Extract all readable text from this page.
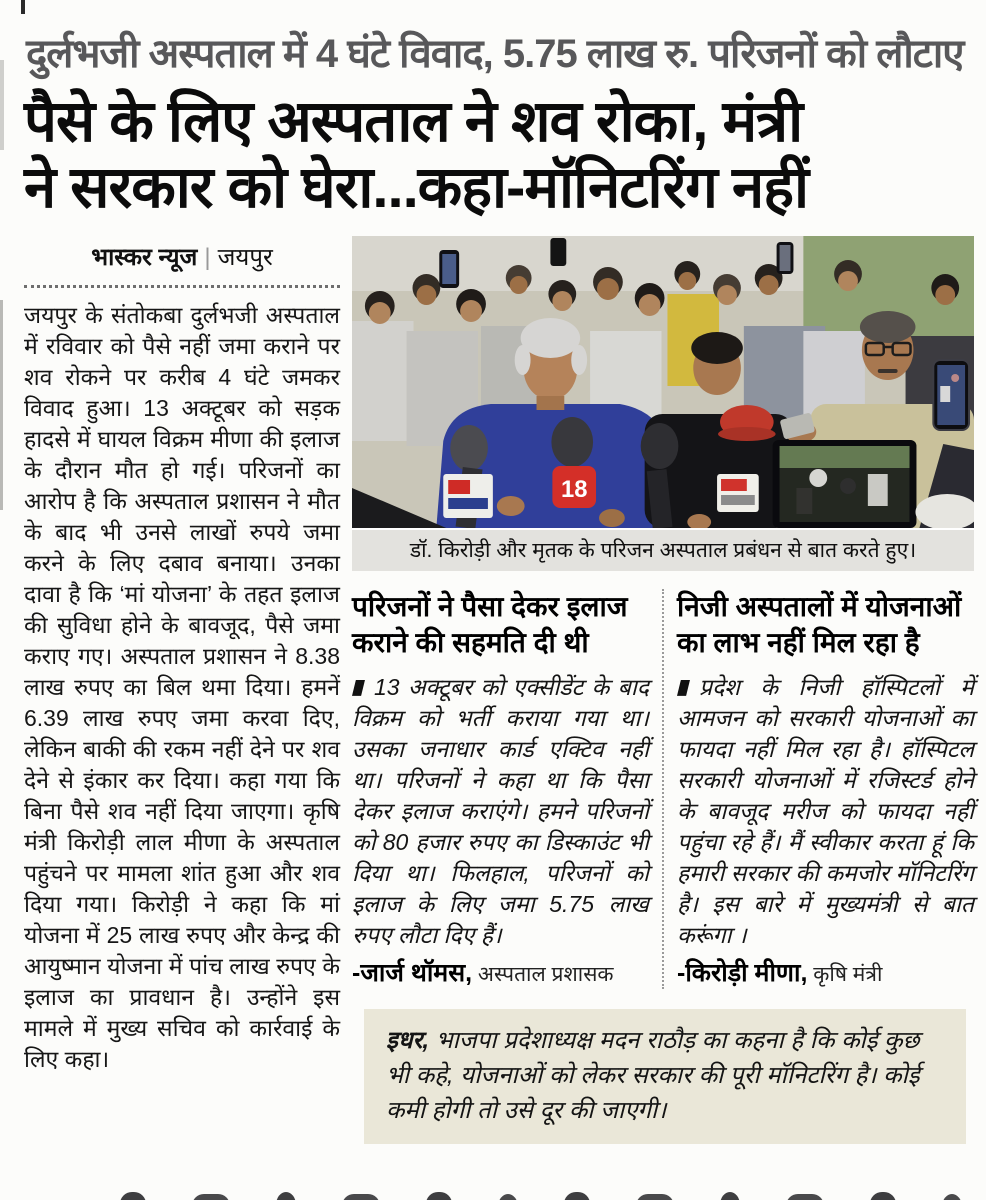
दुर्लभजी अस्पताल में 4 घंटे विवाद, 5.75 लाख रु. परिजनों को लौटाए
पैसे के लिए अस्पताल ने शव रोका, मंत्री
ने सरकार को घेरा...कहा-मॉनिटरिंग नहीं
भास्कर न्यूज | जयपुर

जयपुर के संतोकबा दुर्लभजी अस्पताल में रविवार को पैसे नहीं जमा कराने पर शव रोकने पर करीब 4 घंटे जमकर विवाद हुआ। 13 अक्टूबर को सड़क हादसे में घायल विक्रम मीणा की इलाज के दौरान मौत हो गई। परिजनों का आरोप है कि अस्पताल प्रशासन ने मौत के बाद भी उनसे लाखों रुपये जमा करने के लिए दबाव बनाया। उनका दावा है कि ‘मां योजना’ के तहत इलाज की सुविधा होने के बावजूद, पैसे जमा कराए गए। अस्पताल प्रशासन ने 8.38 लाख रुपए का बिल थमा दिया। हमनें 6.39 लाख रुपए जमा करवा दिए, लेकिन बाकी की रकम नहीं देने पर शव देने से इंकार कर दिया। कहा गया कि बिना पैसे शव नहीं दिया जाएगा। कृषि मंत्री किरोड़ी लाल मीणा के अस्पताल पहुंचने पर मामला शांत हुआ और शव दिया गया। किरोड़ी ने कहा कि मां योजना में 25 लाख रुपए और केन्द्र की आयुष्मान योजना में पांच लाख रुपए के इलाज का प्रावधान है। उन्होंने इस मामले में मुख्य सचिव को कार्रवाई के लिए कहा।

18
डॉ. किरोड़ी और मृतक के परिजन अस्पताल प्रबंधन से बात करते हुए।
परिजनों ने पैसा देकर इलाज
कराने की सहमति दी थी

13 अक्टूबर को एक्सीडेंट के बाद विक्रम को भर्ती कराया गया था। उसका जनाधार कार्ड एक्टिव नहीं था। परिजनों ने कहा था कि पैसा देकर इलाज कराएंगे। हमने परिजनों को 80 हजार रुपए का डिस्काउंट भी दिया था। फिलहाल, परिजनों को इलाज के लिए जमा 5.75 लाख रुपए लौटा दिए हैं।

-जार्ज थॉमस, अस्पताल प्रशासक

निजी अस्पतालों में योजनाओं
का लाभ नहीं मिल रहा है

प्रदेश के निजी हॉस्पिटलों में आमजन को सरकारी योजनाओं का फायदा नहीं मिल रहा है। हॉस्पिटल सरकारी योजनाओं में रजिस्टर्ड होने के बावजूद मरीज को फायदा नहीं पहुंचा रहे हैं। मैं स्वीकार करता हूं कि हमारी सरकार की कमजोर मॉनिटरिंग है। इस बारे में मुख्यमंत्री से बात करूंगा ।

-किरोड़ी मीणा, कृषि मंत्री

इधर, भाजपा प्रदेशाध्यक्ष मदन राठौड़ का कहना है कि कोई कुछ भी कहे, योजनाओं को लेकर सरकार की पूरी मॉनिटरिंग है। कोई कमी होगी तो उसे दूर की जाएगी।
